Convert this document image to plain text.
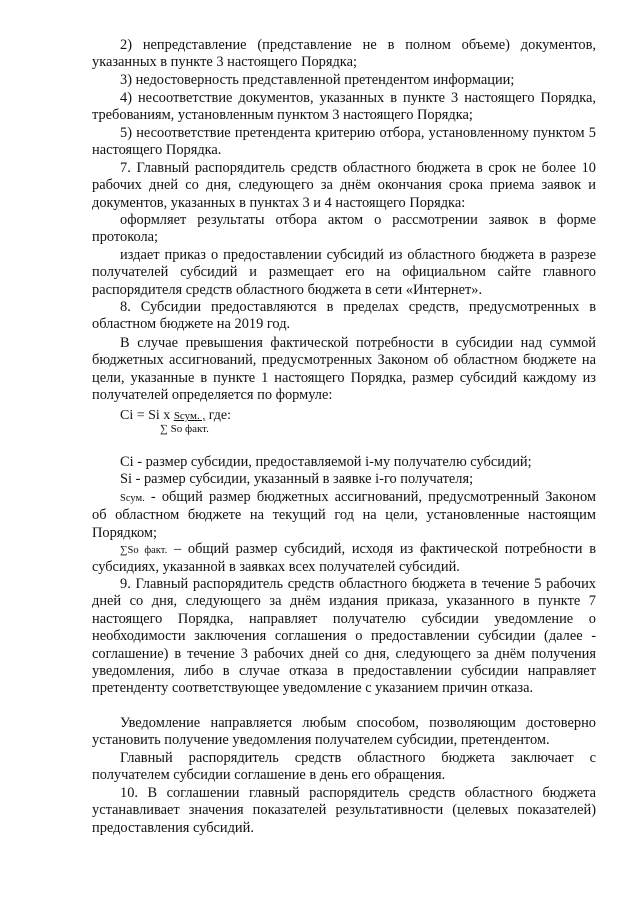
2) непредставление (представление не в полном объеме) документов, указанных в пункте 3 настоящего Порядка;

3) недостоверность представленной претендентом информации;

4) несоответствие документов, указанных в пункте 3 настоящего Порядка, требованиям, установленным пунктом 3 настоящего Порядка;

5) несоответствие претендента критерию отбора, установленному пунктом 5 настоящего Порядка.

7. Главный распорядитель средств областного бюджета в срок не более 10 рабочих дней со дня, следующего за днём окончания срока приема заявок и документов, указанных в пунктах 3 и 4 настоящего Порядка:

оформляет результаты отбора актом о рассмотрении заявок в форме протокола;

издает приказ о предоставлении субсидий из областного бюджета в разрезе получателей субсидий и размещает его на официальном сайте главного распорядителя средств областного бюджета в сети «Интернет».

8. Субсидии предоставляются в пределах средств, предусмотренных в областном бюджете на 2019 год.

В случае превышения фактической потребности в субсидии над суммой бюджетных ассигнований, предусмотренных Законом об областном бюджете на цели, указанные в пункте 1 настоящего Порядка, размер субсидий каждому из получателей определяется по формуле:

Ci = Si x Sсум. , где:
∑ So факт.

Ci - размер субсидии, предоставляемой i-му получателю субсидий;

Si - размер субсидии, указанный в заявке i-го получателя;

Sсум. - общий размер бюджетных ассигнований, предусмотренный Законом об областном бюджете на текущий год на цели, установленные настоящим Порядком;

∑So факт. – общий размер субсидий, исходя из фактической потребности в субсидиях, указанной в заявках всех получателей субсидий.

9. Главный распорядитель средств областного бюджета в течение 5 рабочих дней со дня, следующего за днём издания приказа, указанного в пункте 7 настоящего Порядка, направляет получателю субсидии уведомление о необходимости заключения соглашения о предоставлении субсидии (далее - соглашение) в течение 3 рабочих дней со дня, следующего за днём получения уведомления, либо в случае отказа в предоставлении субсидии направляет претенденту соответствующее уведомление с указанием причин отказа.

Уведомление направляется любым способом, позволяющим достоверно установить получение уведомления получателем субсидии, претендентом.

Главный распорядитель средств областного бюджета заключает с получателем субсидии соглашение в день его обращения.

10. В соглашении главный распорядитель средств областного бюджета устанавливает значения показателей результативности (целевых показателей) предоставления субсидий.
